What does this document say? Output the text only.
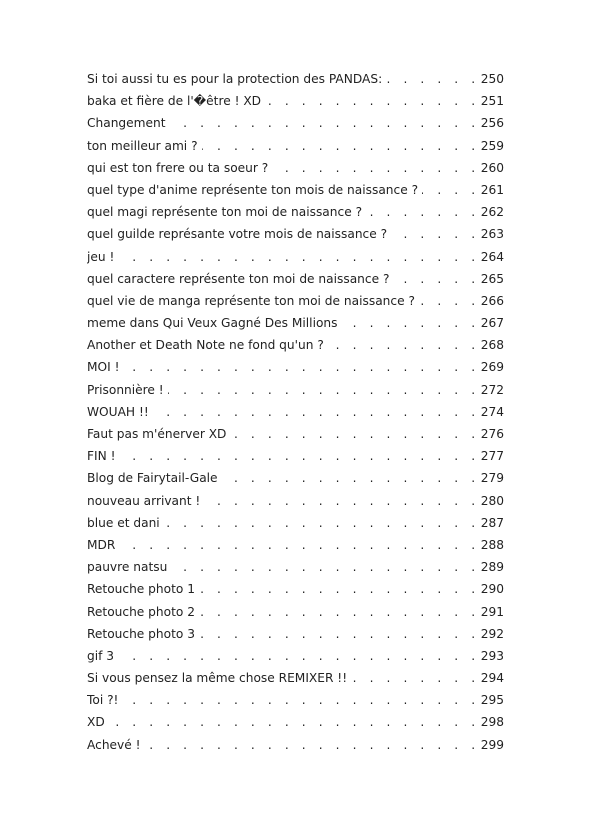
Si toi aussi tu es pour la protection des PANDAS: . . .	250
baka et fière de l'�être ! XD . . .	251
Changement . . .	256
ton meilleur ami ? . . .	259
qui est ton frere ou ta soeur ? . . .	260
quel type d'anime représente ton mois de naissance ? . . .	261
quel magi représente ton moi de naissance ? . . .	262
quel guilde représante votre mois de naissance ? . . .	263
jeu ! . . .	264
quel caractere représente ton moi de naissance ? . . .	265
quel vie de manga représente ton moi de naissance ? . . .	266
meme dans Qui Veux Gagné Des Millions . . .	267
Another et Death Note ne fond qu'un ? . . .	268
MOI ! . . .	269
Prisonnière ! . . .	272
WOUAH !! . . .	274
Faut pas m'énerver XD . . .	276
FIN ! . . .	277
Blog de Fairytail-Gale . . .	279
nouveau arrivant ! . . .	280
blue et dani . . .	287
MDR . . .	288
pauvre natsu . . .	289
Retouche photo 1 . . .	290
Retouche photo 2 . . .	291
Retouche photo 3 . . .	292
gif 3 . . .	293
Si vous pensez la même chose REMIXER !! . . .	294
Toi ?! . . .	295
XD . . .	298
Achevé ! . . .	299
